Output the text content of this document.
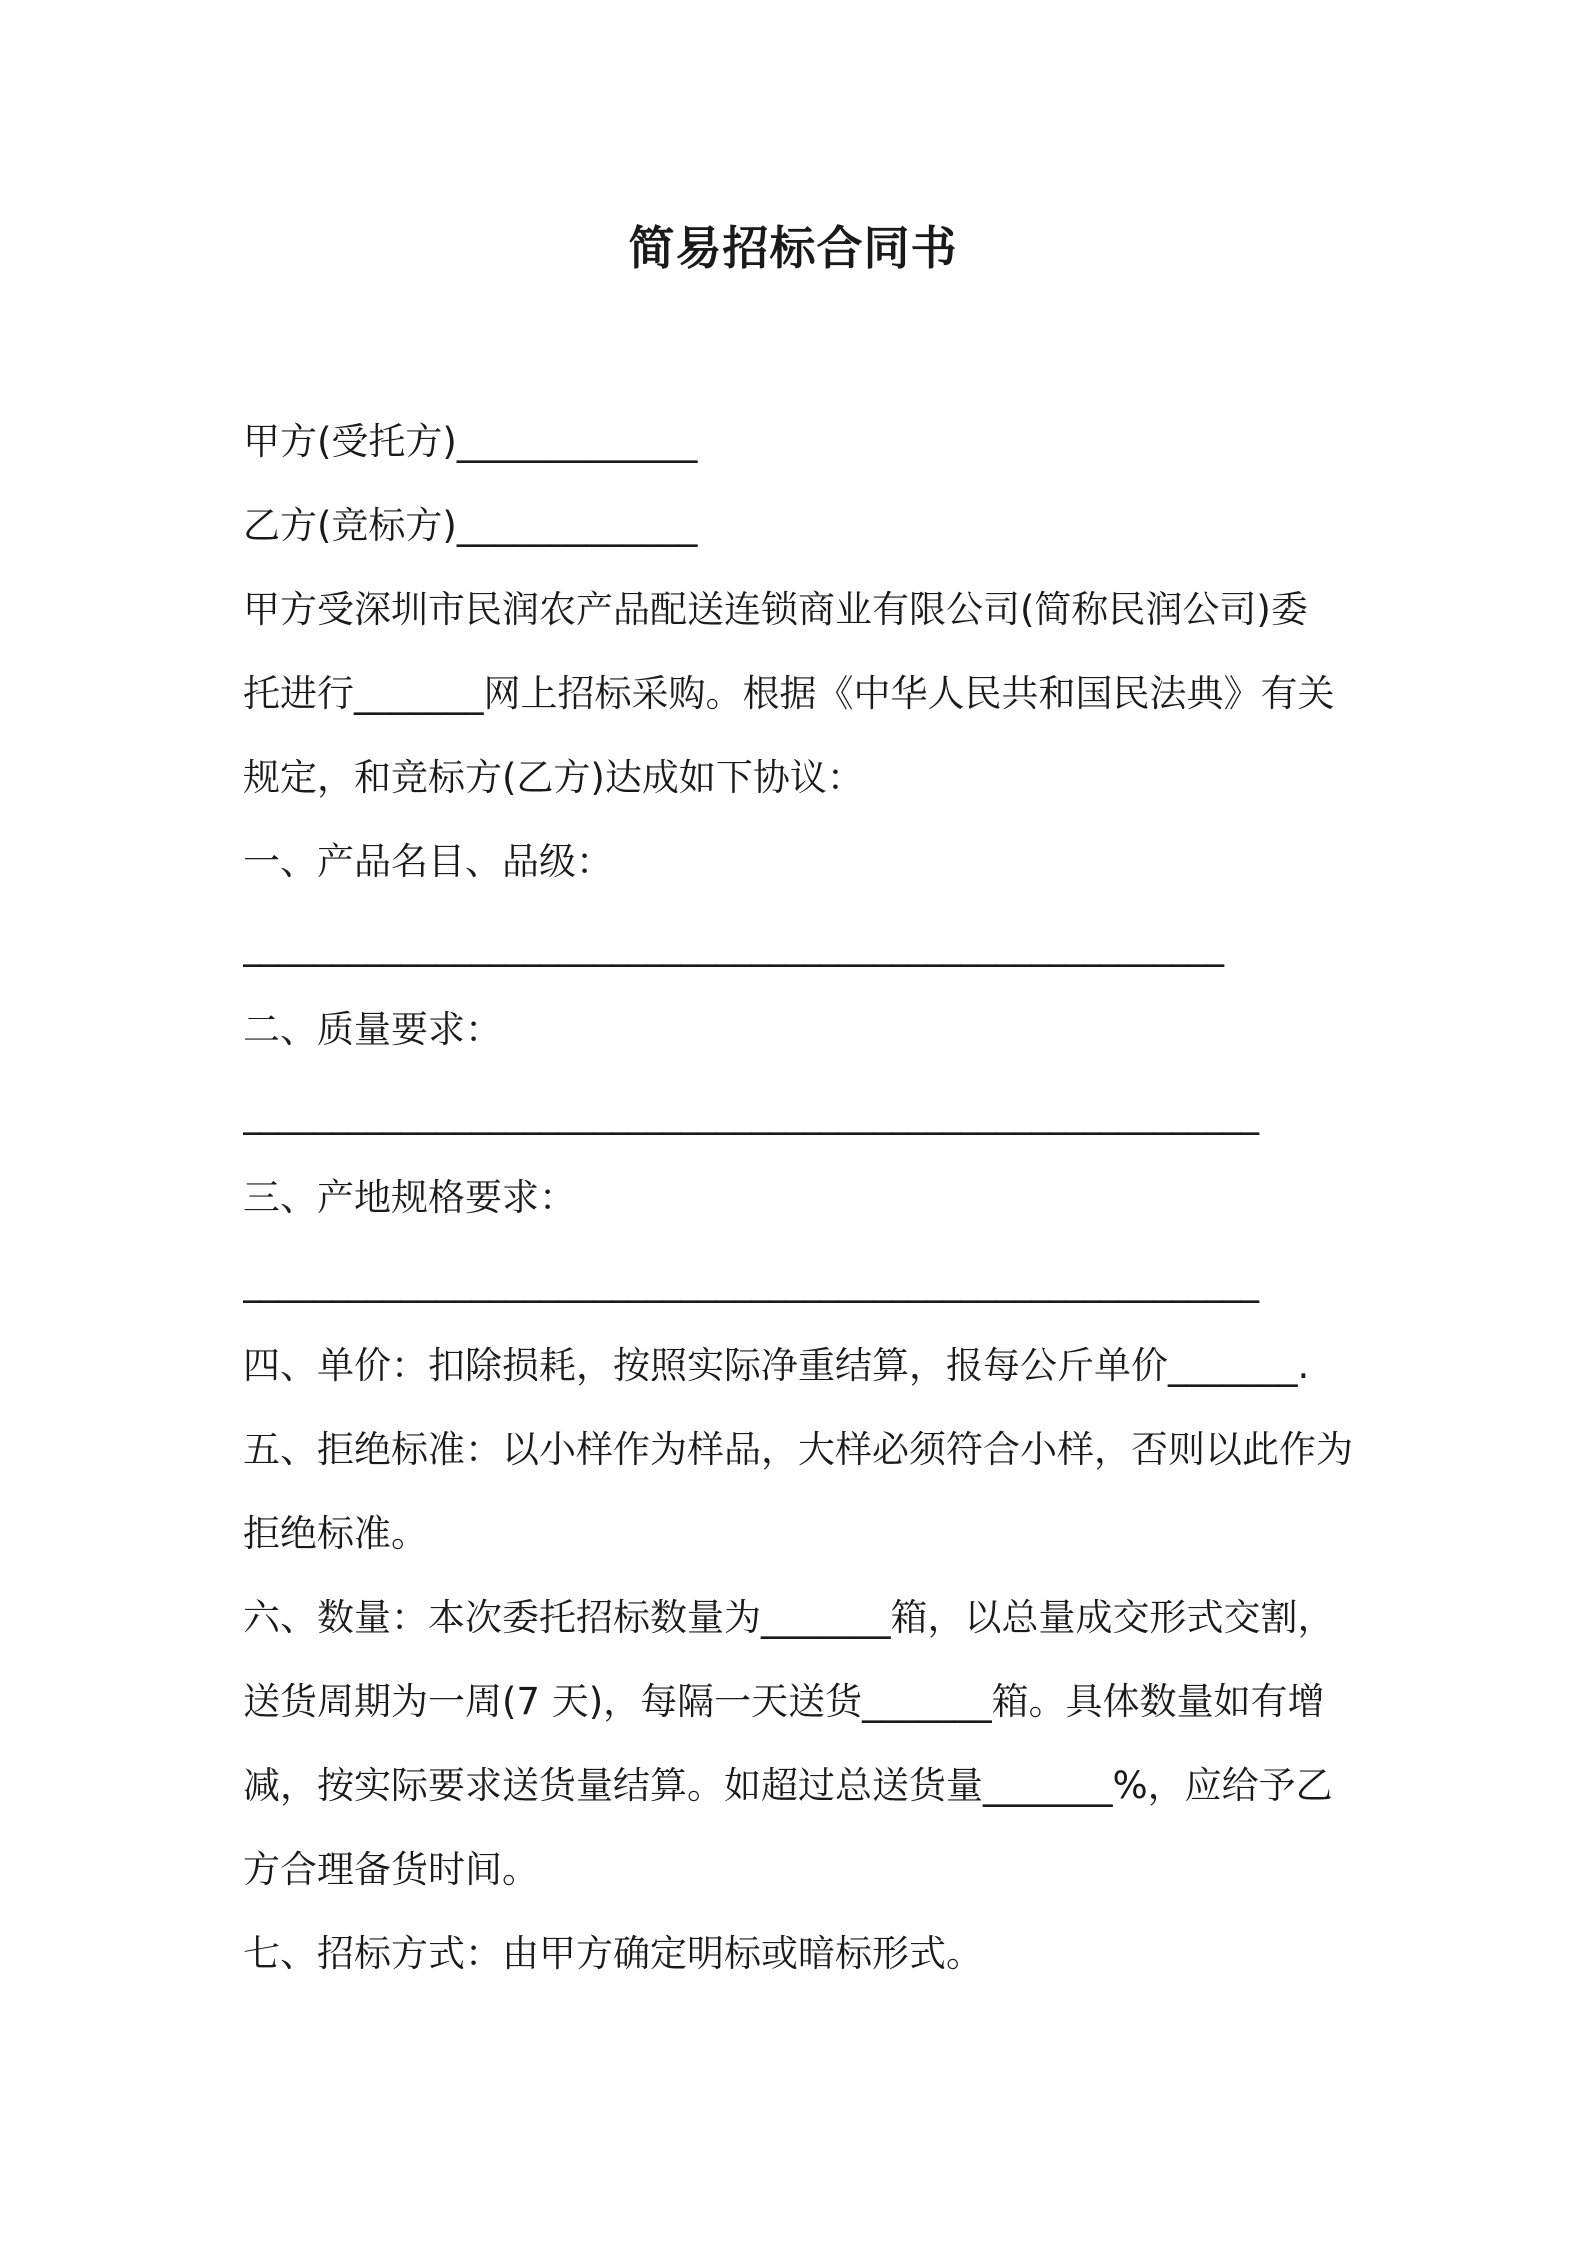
简易招标合同书

甲方(受托方)_____________

乙方(竞标方)_____________

甲方受深圳市民润农产品配送连锁商业有限公司(简称民润公司)委

托进行_______网上招标采购。根据《中华人民共和国民法典》有关

规定，和竞标方(乙方)达成如下协议：

一、产品名目、品级：

________________________________________________________

二、质量要求：

__________________________________________________________

三、产地规格要求：

__________________________________________________________

四、单价：扣除损耗，按照实际净重结算，报每公斤单价_______.

五、拒绝标准：以小样作为样品，大样必须符合小样，否则以此作为

拒绝标准。

六、数量：本次委托招标数量为_______箱，以总量成交形式交割，

送货周期为一周(7 天)，每隔一天送货_______箱。具体数量如有增

减，按实际要求送货量结算。如超过总送货量_______%，应给予乙

方合理备货时间。

七、招标方式：由甲方确定明标或暗标形式。
